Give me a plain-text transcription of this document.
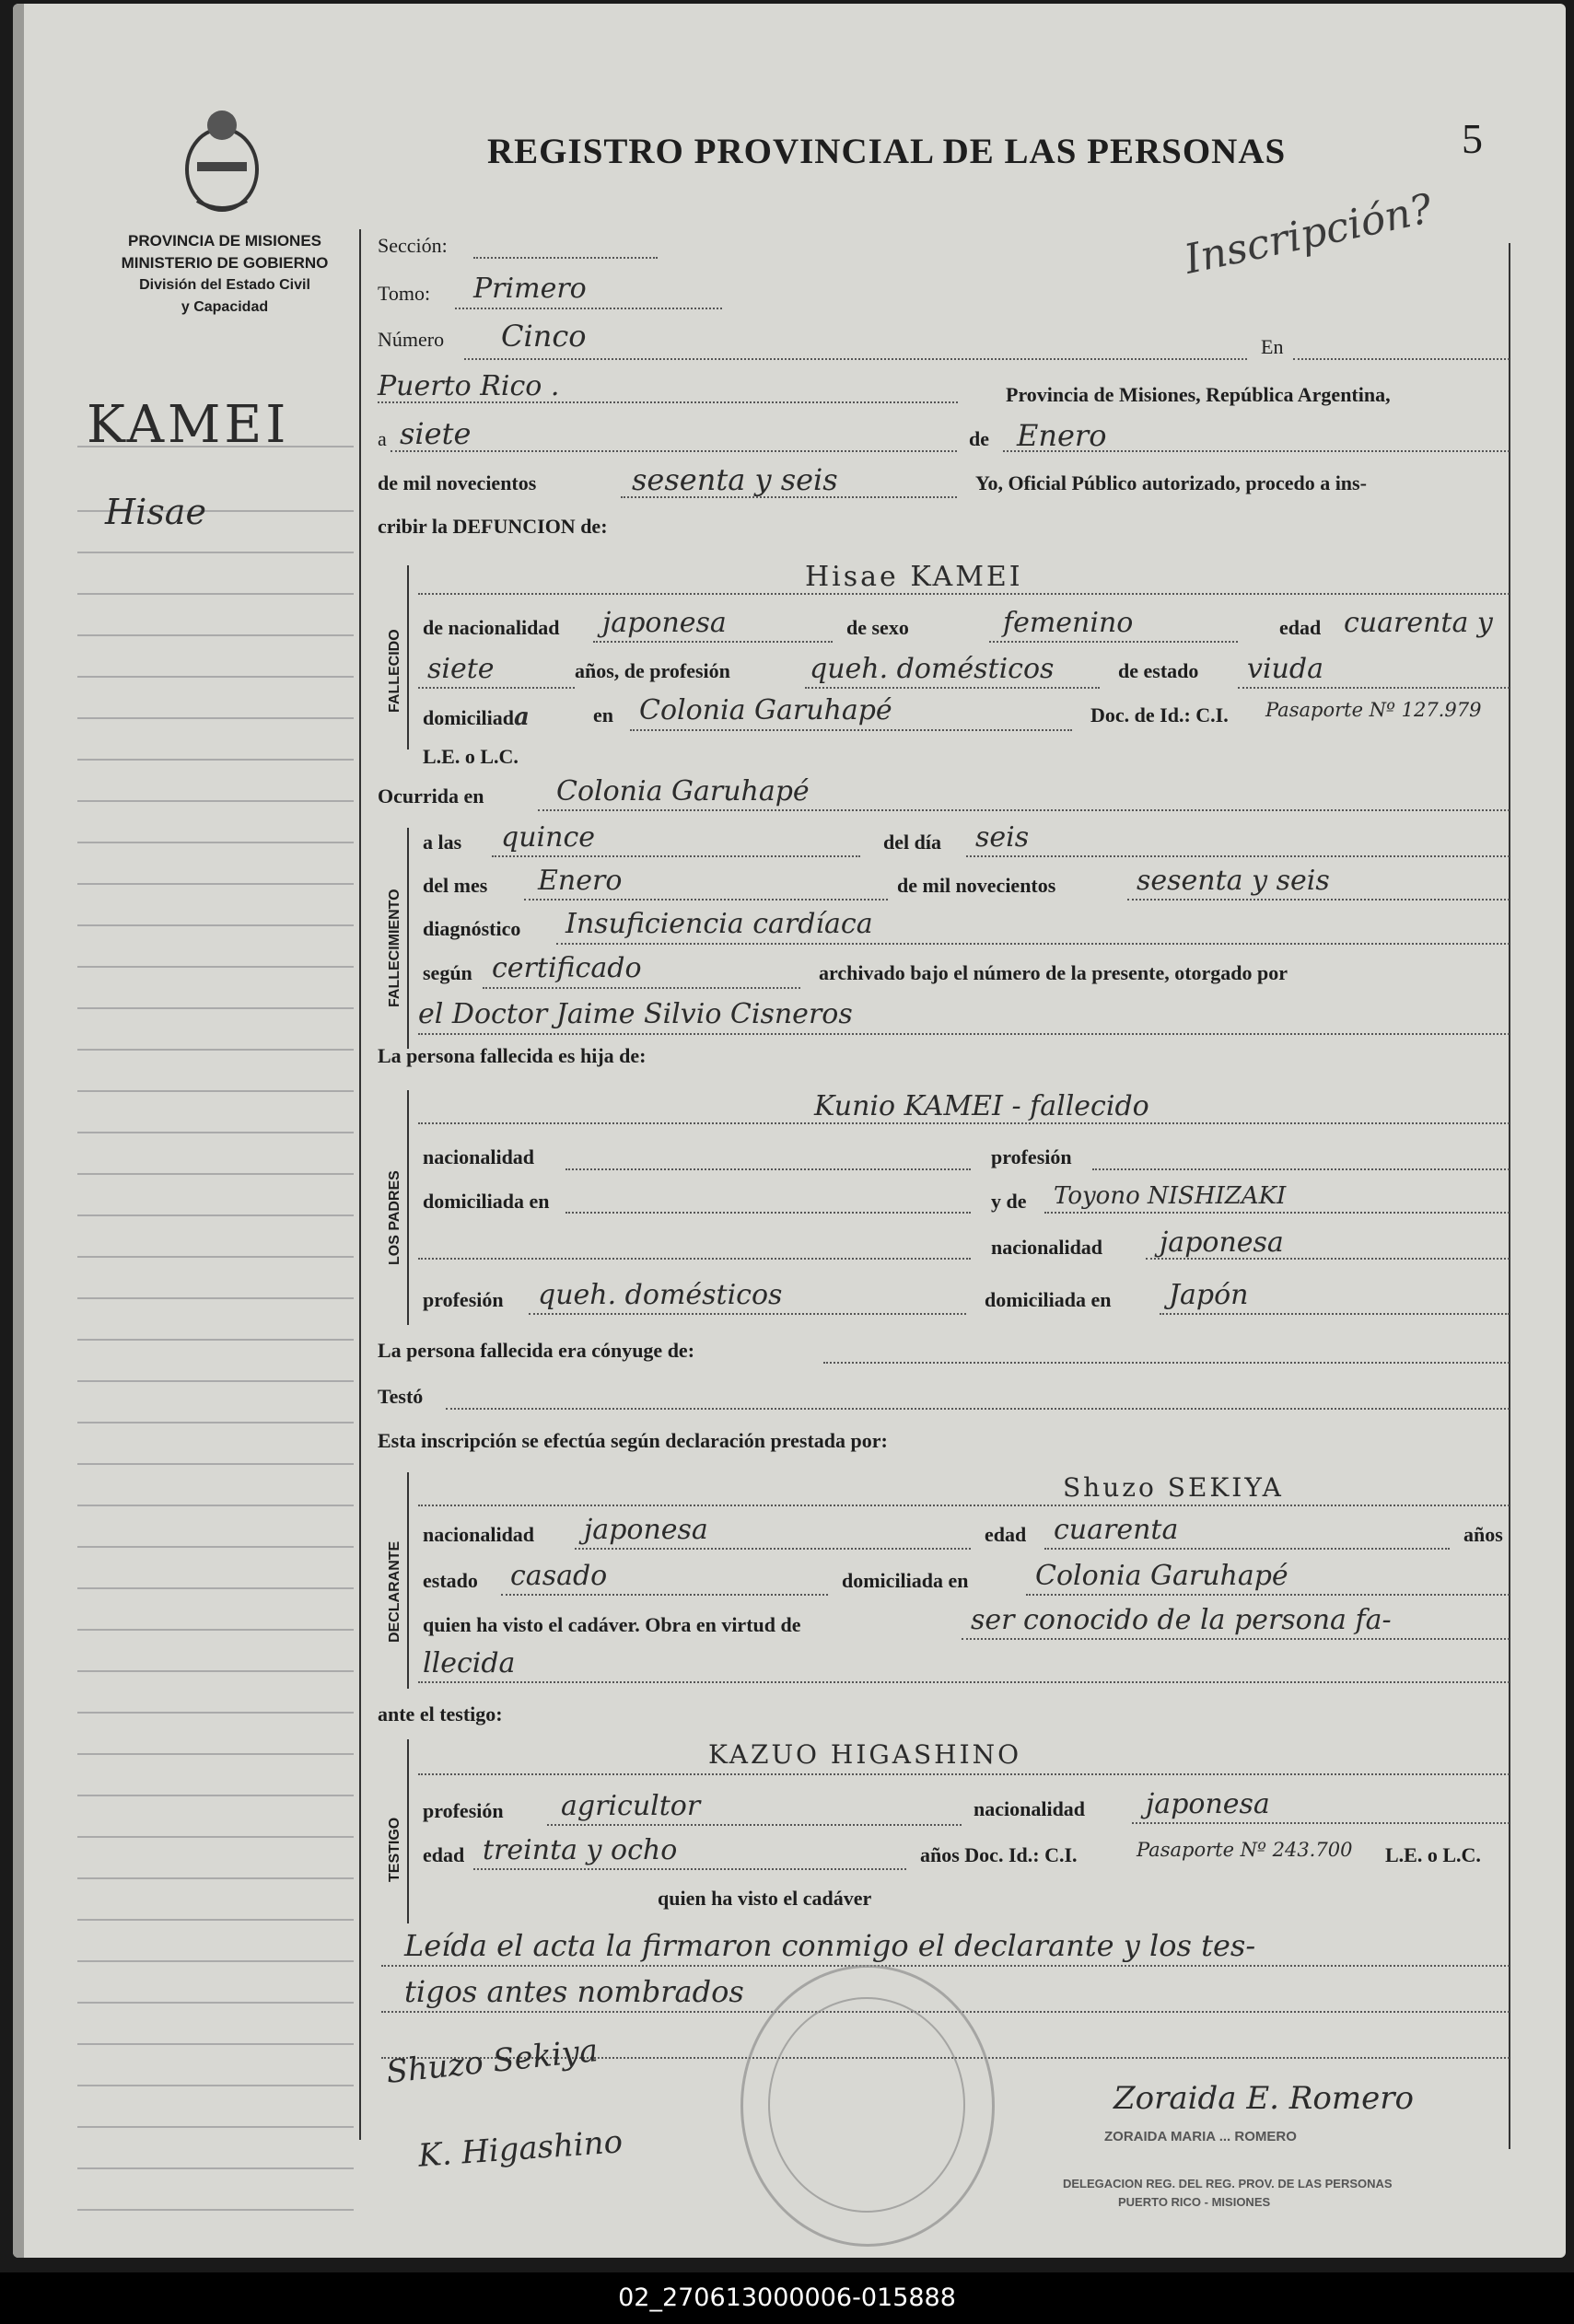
REGISTRO PROVINCIAL DE LAS PERSONAS	5
Inscripción?
PROVINCIA DE MISIONES
MINISTERIO DE GOBIERNO
División del Estado Civil
y Capacidad
KAMEI
Hisae
Sección:
Tomo: Primero
Número Cinco	En
Puerto Rico .	Provincia de Misiones, República Argentina,
a siete	de Enero
de mil novecientos	sesenta y seis	Yo, Oficial Público autorizado, procedo a ins-
cribir la DEFUNCION de:
FALLECIDO
Hisae KAMEI
de nacionalidad japonesa	de sexo	femenino	edad cuarenta y
siete	años, de profesión	queh. domésticos	de estado viuda
domiciliada	en Colonia Garuhapé	Doc. de Id.: C.I. Pasaporte Nº 127.979
L.E. o L.C.
Ocurrida en	Colonia Garuhapé
FALLECIMIENTO
a las quince	del día seis
del mes Enero	de mil novecientos	sesenta y seis
diagnóstico Insuficiencia cardíaca
según certificado	archivado bajo el número de la presente, otorgado por
el Doctor Jaime Silvio Cisneros
La persona fallecida es hija de:
LOS PADRES
Kunio KAMEI - fallecido
nacionalidad	profesión
domiciliada en	y de Toyono NISHIZAKI
nacionalidad japonesa
profesión queh. domésticos	domiciliada en Japón
La persona fallecida era cónyuge de:
Testó
Esta inscripción se efectúa según declaración prestada por:
DECLARANTE
Shuzo SEKIYA
nacionalidad japonesa	edad cuarenta	años
estado casado	domiciliada en Colonia Garuhapé
quien ha visto el cadáver. Obra en virtud de	ser conocido de la persona fa-
llecida
ante el testigo:
TESTIGO
KAZUO HIGASHINO
profesión agricultor	nacionalidad japonesa
edad treinta y ocho	años Doc. Id.: C.I.	Pasaporte Nº 243.700 L.E. o L.C.
quien ha visto el cadáver
Leída el acta la firmaron conmigo el declarante y los tes-
tigos antes nombrados
Shuzo Sekiya
K. Higashino
Zoraida E. Romero
ZORAIDA MARIA ... ROMERO
DELEGACION REG. DEL REG. PROV. DE LAS PERSONAS
PUERTO RICO - MISIONES
02_270613000006-015888
